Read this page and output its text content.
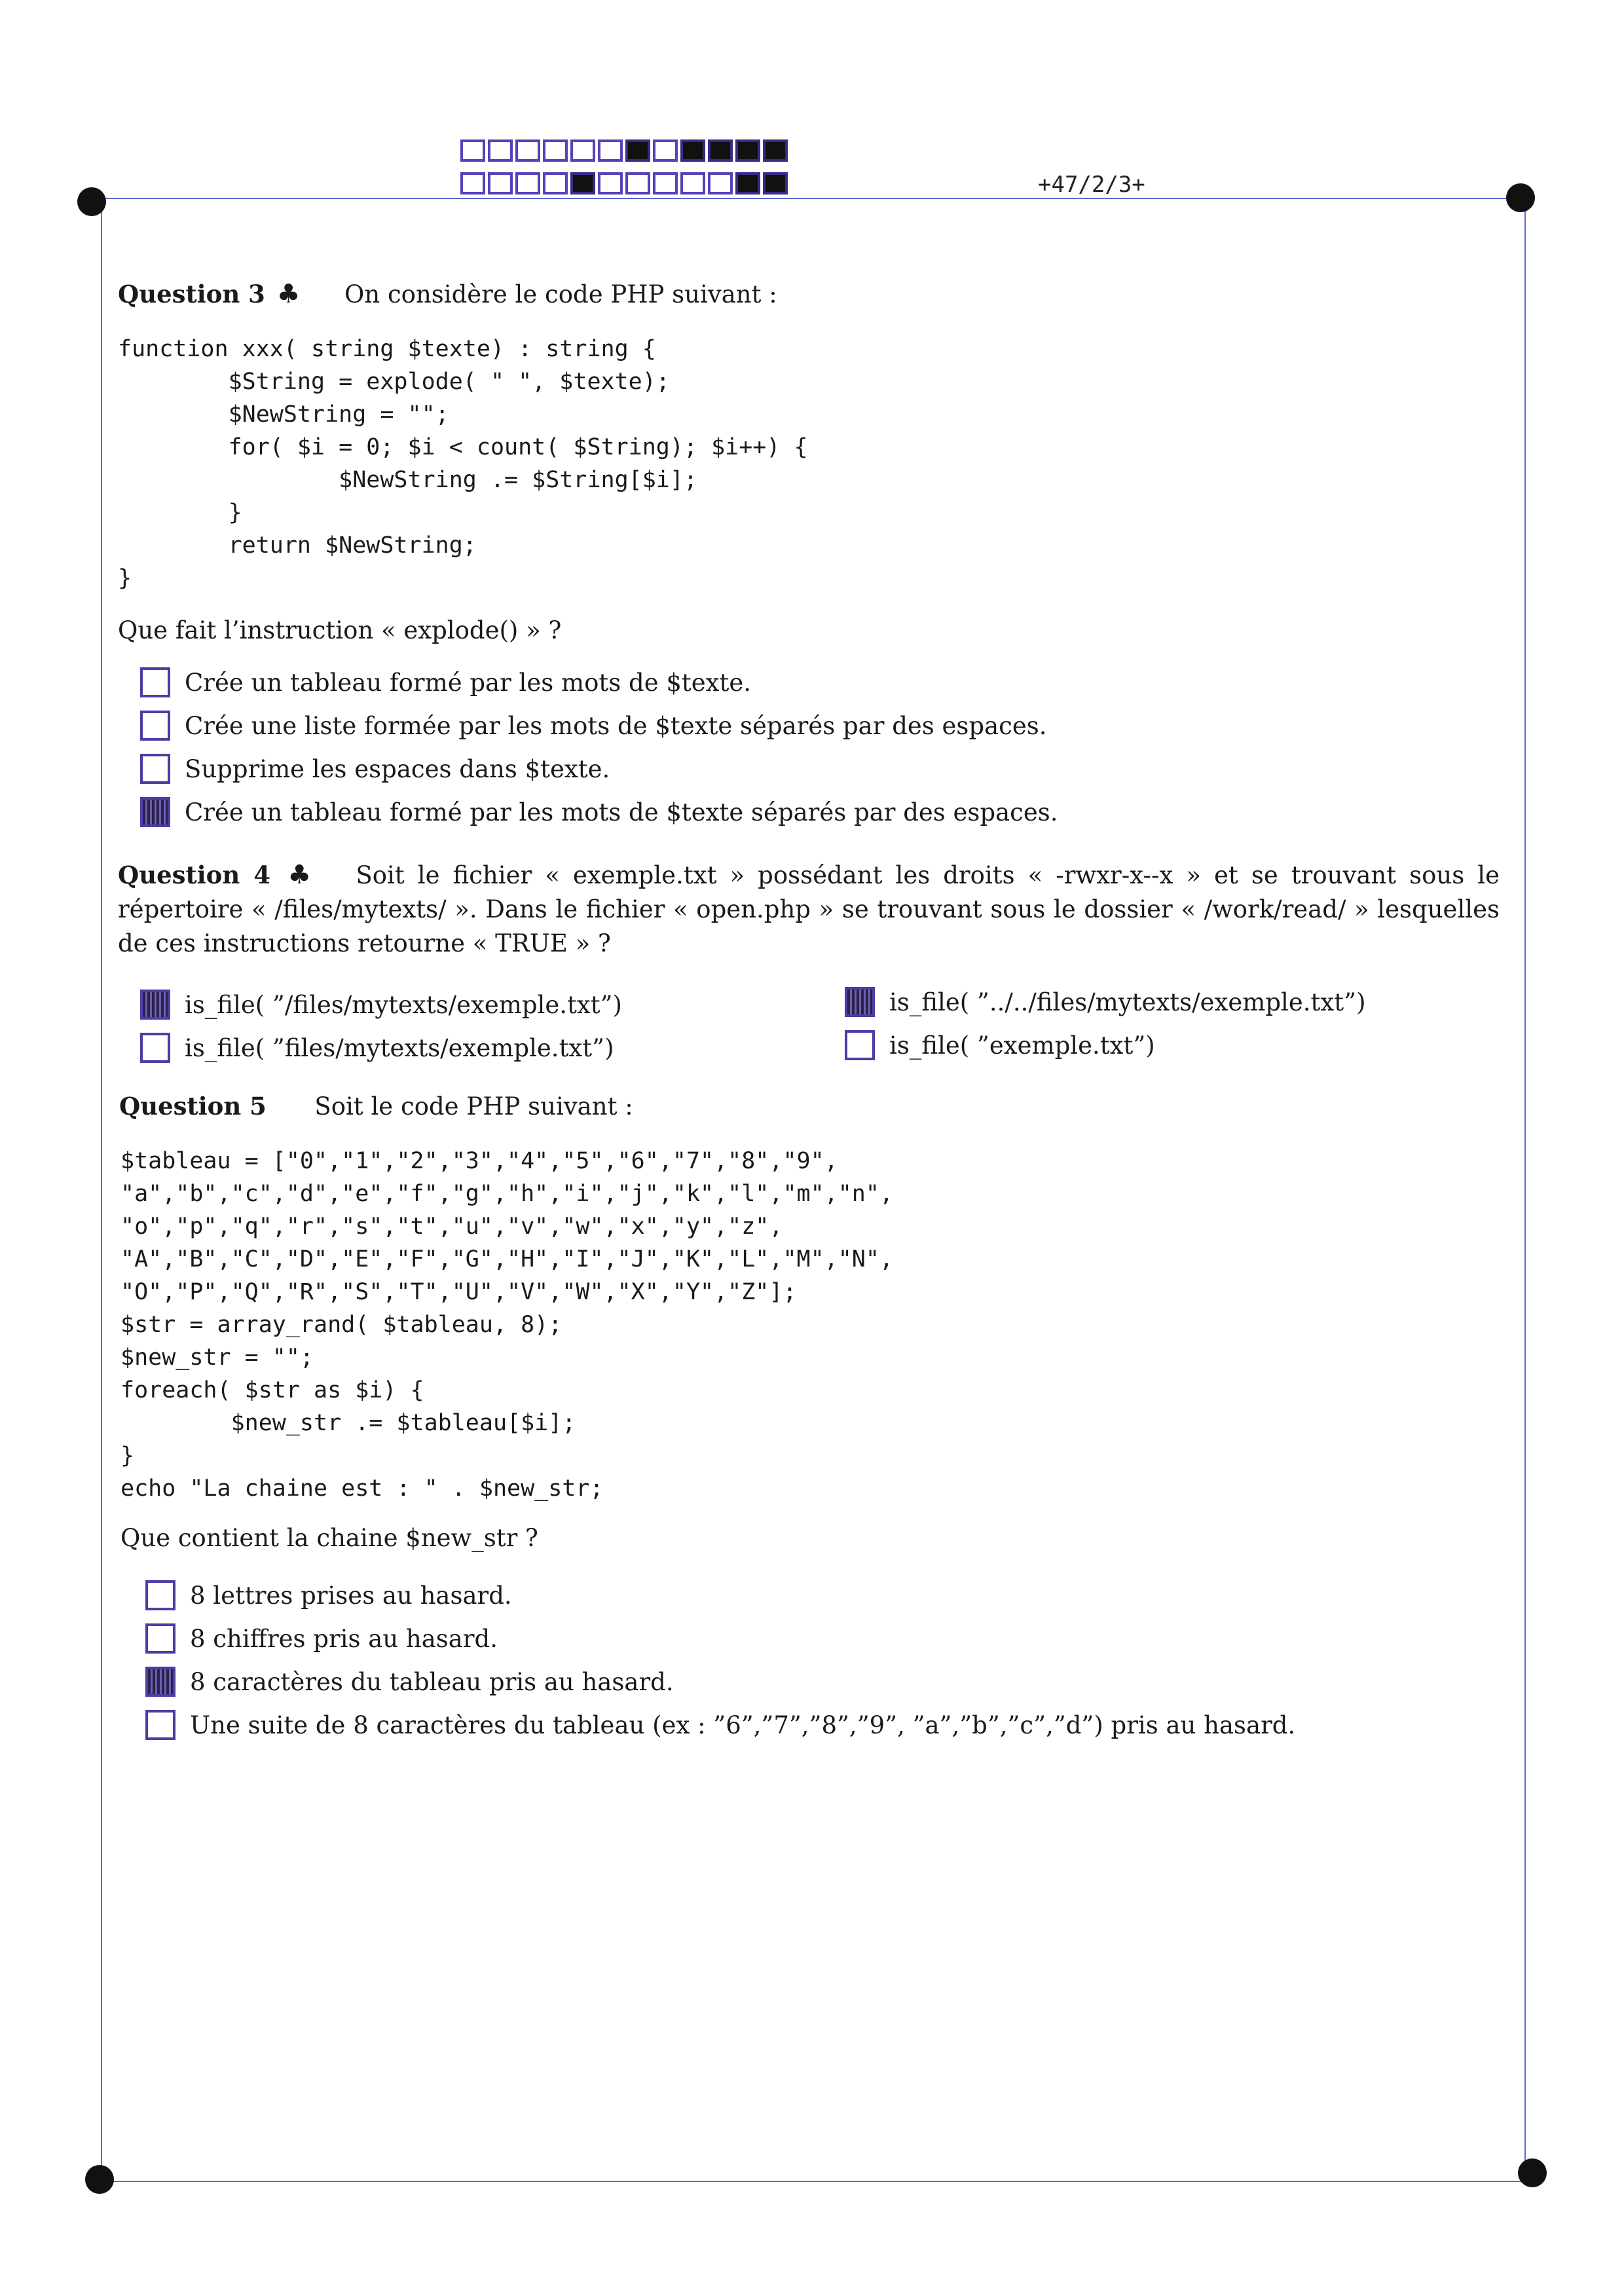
+47/2/3+
Question 3 ♣ On considère le code PHP suivant :
function xxx( string $texte) : string {
$String = explode( " ", $texte);
$NewString = "";
for( $i = 0; $i < count( $String); $i++) {
$NewString .= $String[$i];
}
return $NewString;
}
Que fait l’instruction « explode() » ?
Crée un tableau formé par les mots de $texte.
Crée une liste formée par les mots de $texte séparés par des espaces.
Supprime les espaces dans $texte.
Crée un tableau formé par les mots de $texte séparés par des espaces.
Question 4 ♣ Soit le fichier « exemple.txt » possédant les droits « -rwxr-x--x » et se trouvant sous le répertoire « /files/mytexts/ ». Dans le fichier « open.php » se trouvant sous le dossier « /work/read/ » lesquelles de ces instructions retourne « TRUE » ?
is_file( ”/files/mytexts/exemple.txt”)
is_file( ”files/mytexts/exemple.txt”)
is_file( ”../../files/mytexts/exemple.txt”)
is_file( ”exemple.txt”)
Question 5 Soit le code PHP suivant :
$tableau = ["0","1","2","3","4","5","6","7","8","9",
"a","b","c","d","e","f","g","h","i","j","k","l","m","n",
"o","p","q","r","s","t","u","v","w","x","y","z",
"A","B","C","D","E","F","G","H","I","J","K","L","M","N",
"O","P","Q","R","S","T","U","V","W","X","Y","Z"];
$str = array_rand( $tableau, 8);
$new_str = "";
foreach( $str as $i) {
$new_str .= $tableau[$i];
}
echo "La chaine est : " . $new_str;
Que contient la chaine $new_str ?
8 lettres prises au hasard.
8 chiffres pris au hasard.
8 caractères du tableau pris au hasard.
Une suite de 8 caractères du tableau (ex : ”6”,”7”,”8”,”9”, ”a”,”b”,”c”,”d”) pris au hasard.
